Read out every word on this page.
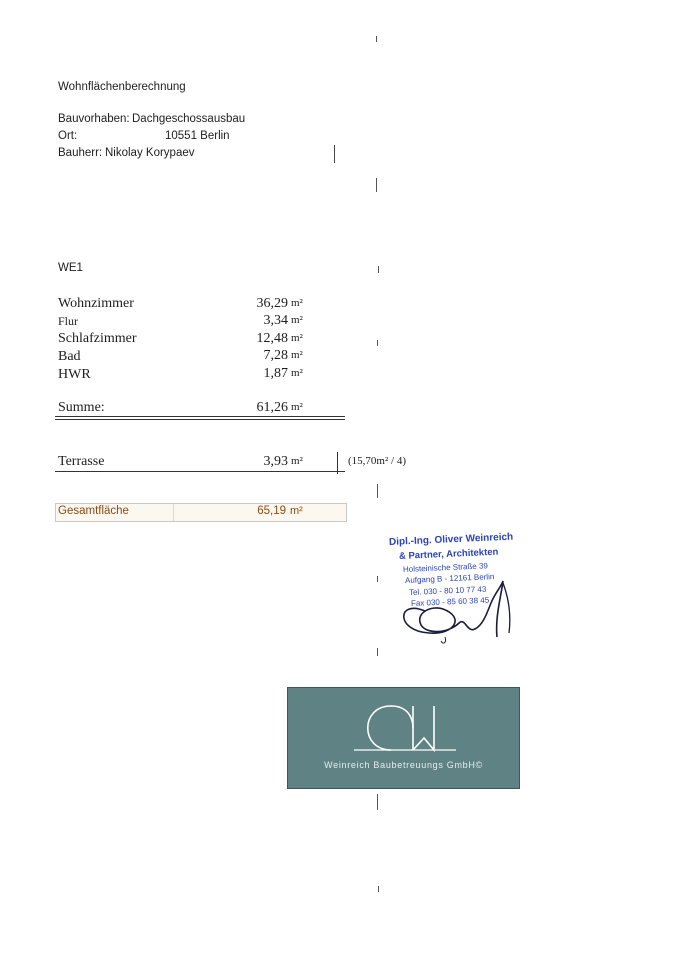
Wohnflächenberechnung
Bauvorhaben: Dachgeschossausbau
Ort:	10551 Berlin
Bauherr: Nikolay Korypaev
WE1
Wohnzimmer	36,29 m²
Flur	3,34 m²
Schlafzimmer	12,48 m²
Bad	7,28 m²
HWR	1,87 m²
Summe:	61,26 m²
Terrasse	3,93 m²	(15,70m² / 4)
Gesamtfläche	65,19 m²
Dipl.-Ing. Oliver Weinreich
& Partner, Architekten
Holsteinische Straße 39
Aufgang B - 12161 Berlin
Tel. 030 - 80 10 77 43
Fax 030 - 85 60 38 45
Weinreich Baubetreuungs GmbH©
